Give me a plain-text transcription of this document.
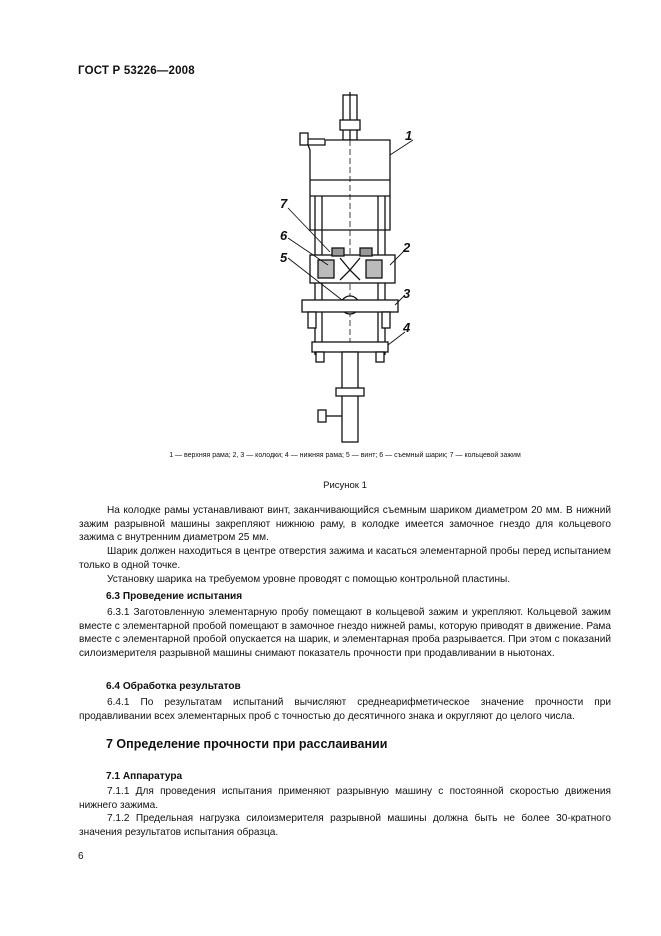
ГОСТ Р 53226—2008
1
2
3
4
5
6
7
1 — верхняя рама; 2, 3 — колодки; 4 — нижняя рама; 5 — винт; 6 — съемный шарик; 7 — кольцевой зажим
Рисунок 1

На колодке рамы устанавливают винт, заканчивающийся съемным шариком диаметром 20 мм. В нижний зажим разрывной машины закрепляют нижнюю раму, в колодке имеется замочное гнездо для кольцевого зажима с внутренним диаметром 25 мм.

Шарик должен находиться в центре отверстия зажима и касаться элементарной пробы перед испытанием только в одной точке.

Установку шарика на требуемом уровне проводят с помощью контрольной пластины.

6.3 Проведение испытания

6.3.1 Заготовленную элементарную пробу помещают в кольцевой зажим и укрепляют. Кольцевой зажим вместе с элементарной пробой помещают в замочное гнездо нижней рамы, которую приводят в движение. Рама вместе с элементарной пробой опускается на шарик, и элементарная проба разрывается. При этом с показаний силоизмерителя разрывной машины снимают показатель прочности при продавливании в ньютонах.

6.4 Обработка результатов

6.4.1 По результатам испытаний вычисляют среднеарифметическое значение прочности при продавливании всех элементарных проб с точностью до десятичного знака и округляют до целого числа.

7 Определение прочности при расслаивании
7.1 Аппаратура

7.1.1 Для проведения испытания применяют разрывную машину с постоянной скоростью движения нижнего зажима.

7.1.2 Предельная нагрузка силоизмерителя разрывной машины должна быть не более 30-кратного значения результатов испытания образца.

6
